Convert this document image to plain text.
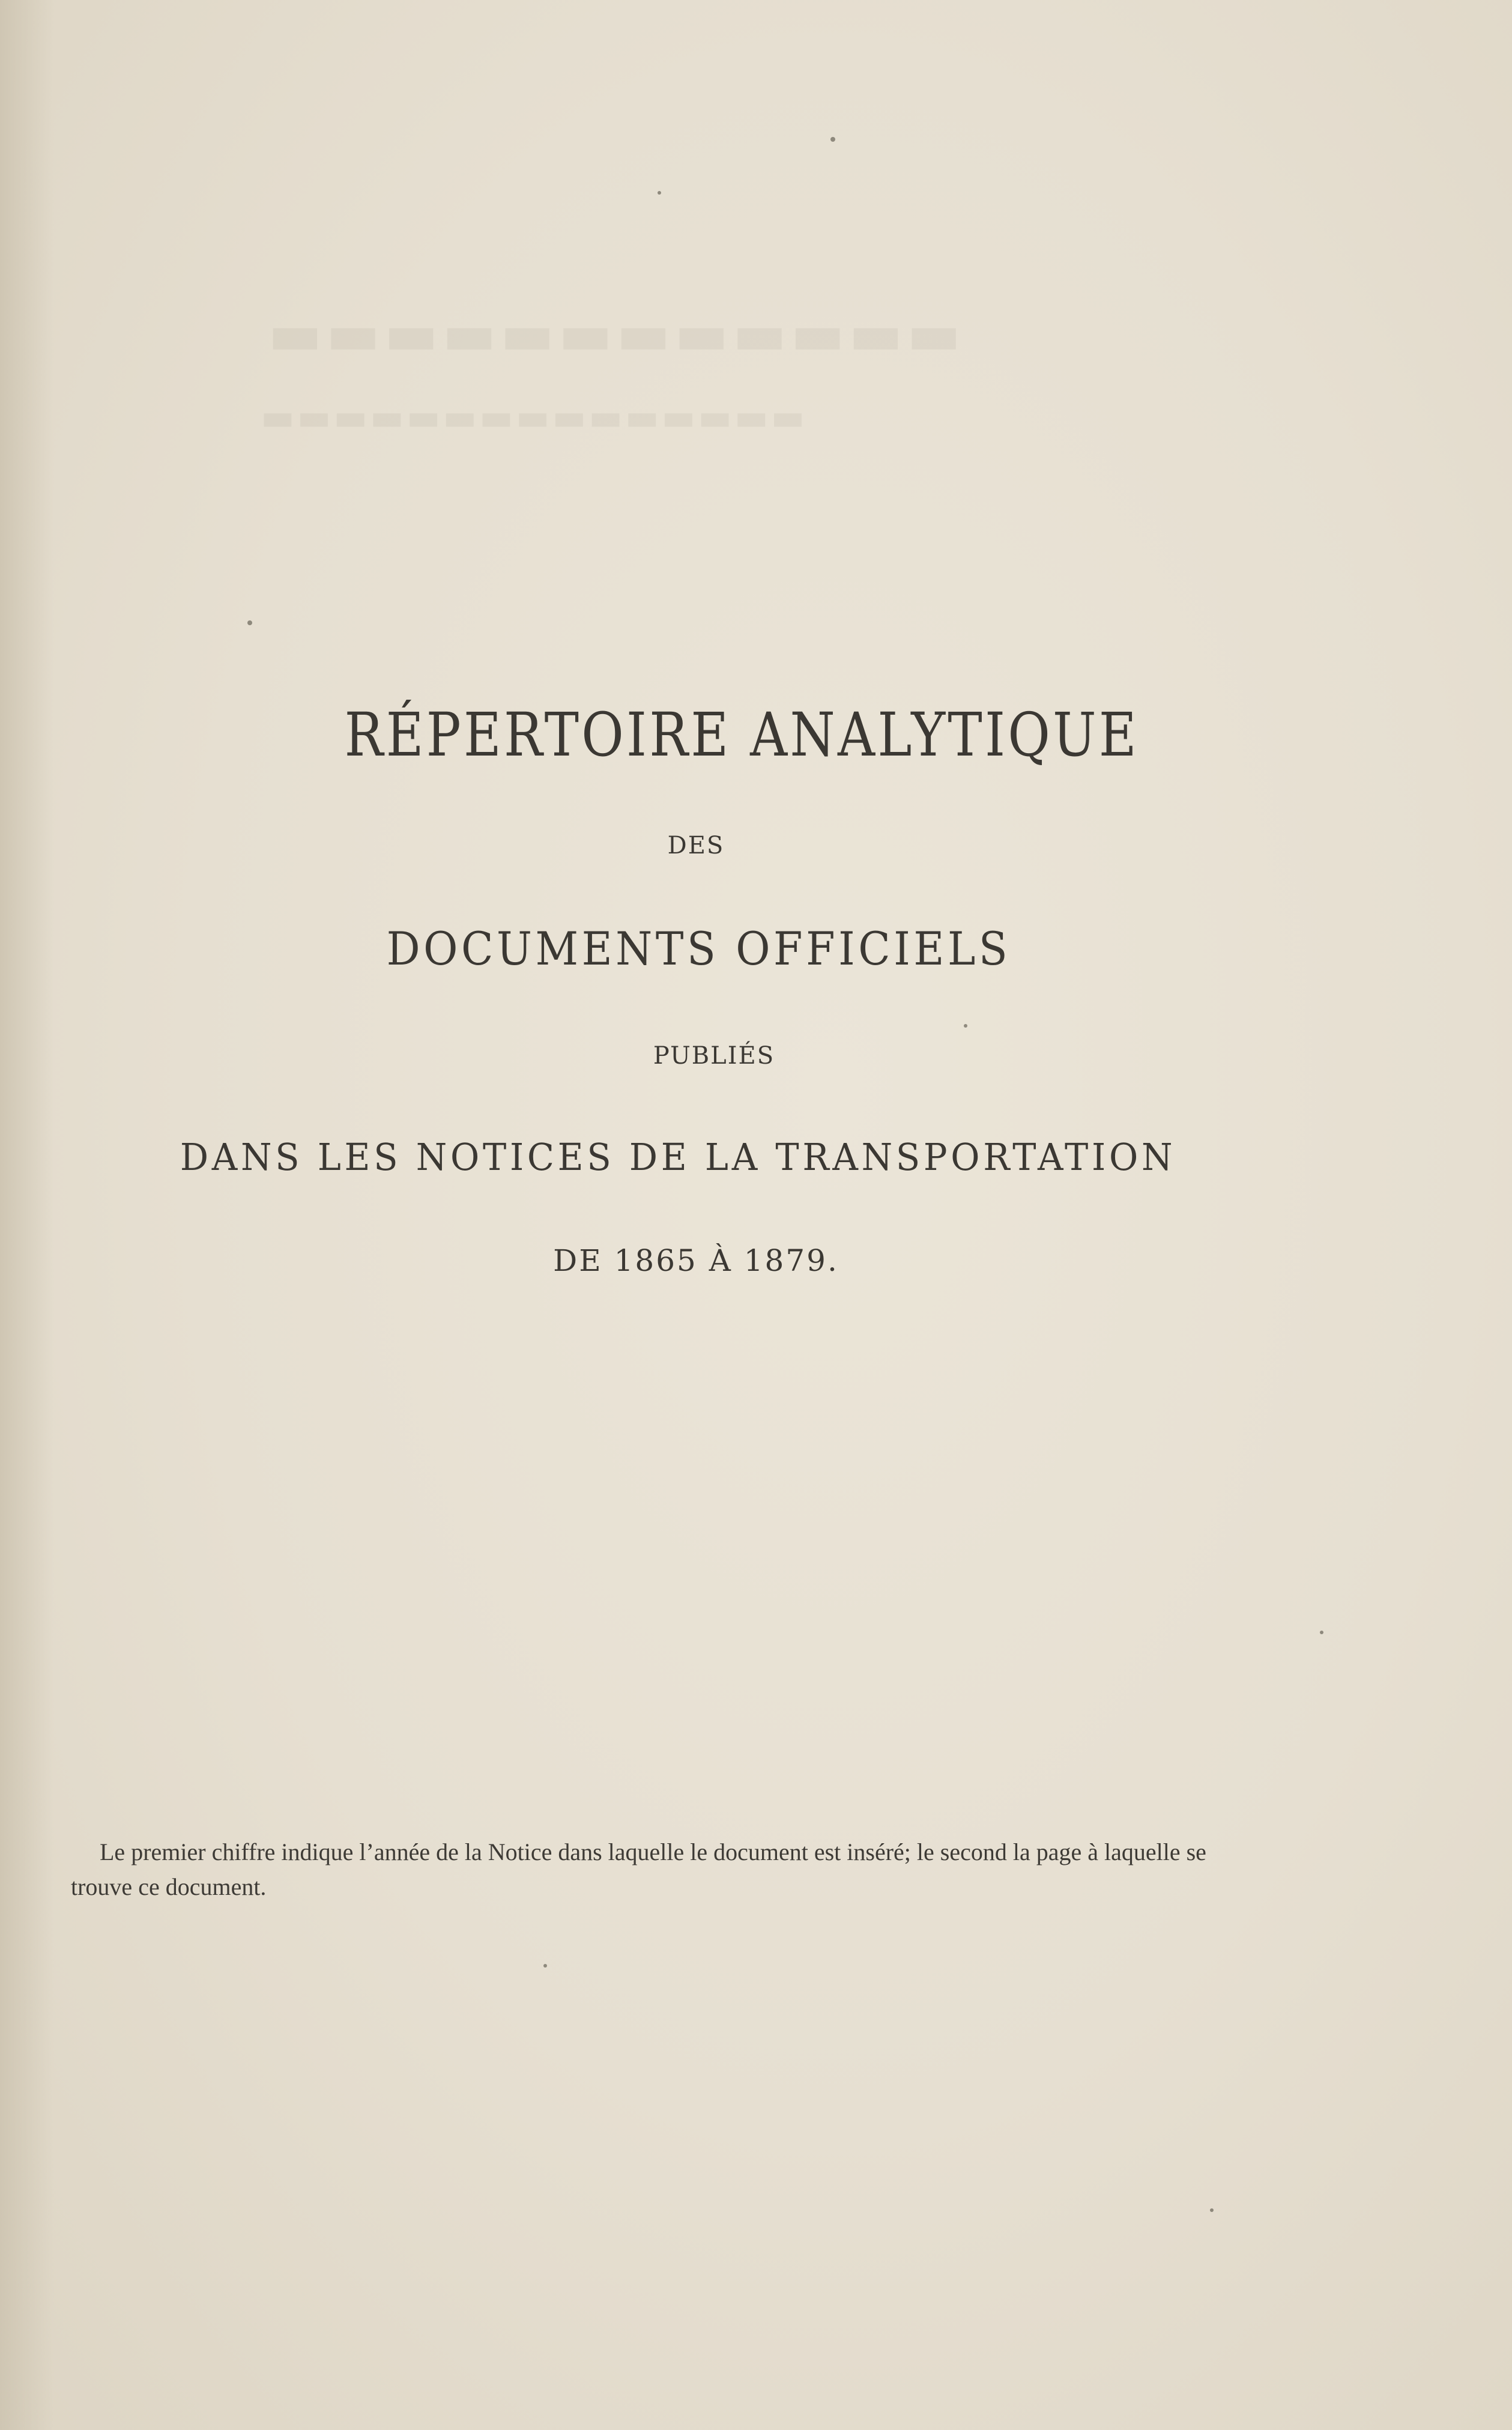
▬▬▬▬▬▬▬▬▬▬▬▬
▬▬▬▬▬▬▬▬▬▬▬▬▬▬▬
RÉPERTOIRE ANALYTIQUE
DES
DOCUMENTS OFFICIELS
PUBLIÉS
DANS LES NOTICES DE LA TRANSPORTATION
DE 1865 À 1879.
Le premier chiffre indique l’année de la Notice dans laquelle le document est inséré; le second la page à laquelle se trouve ce document.
